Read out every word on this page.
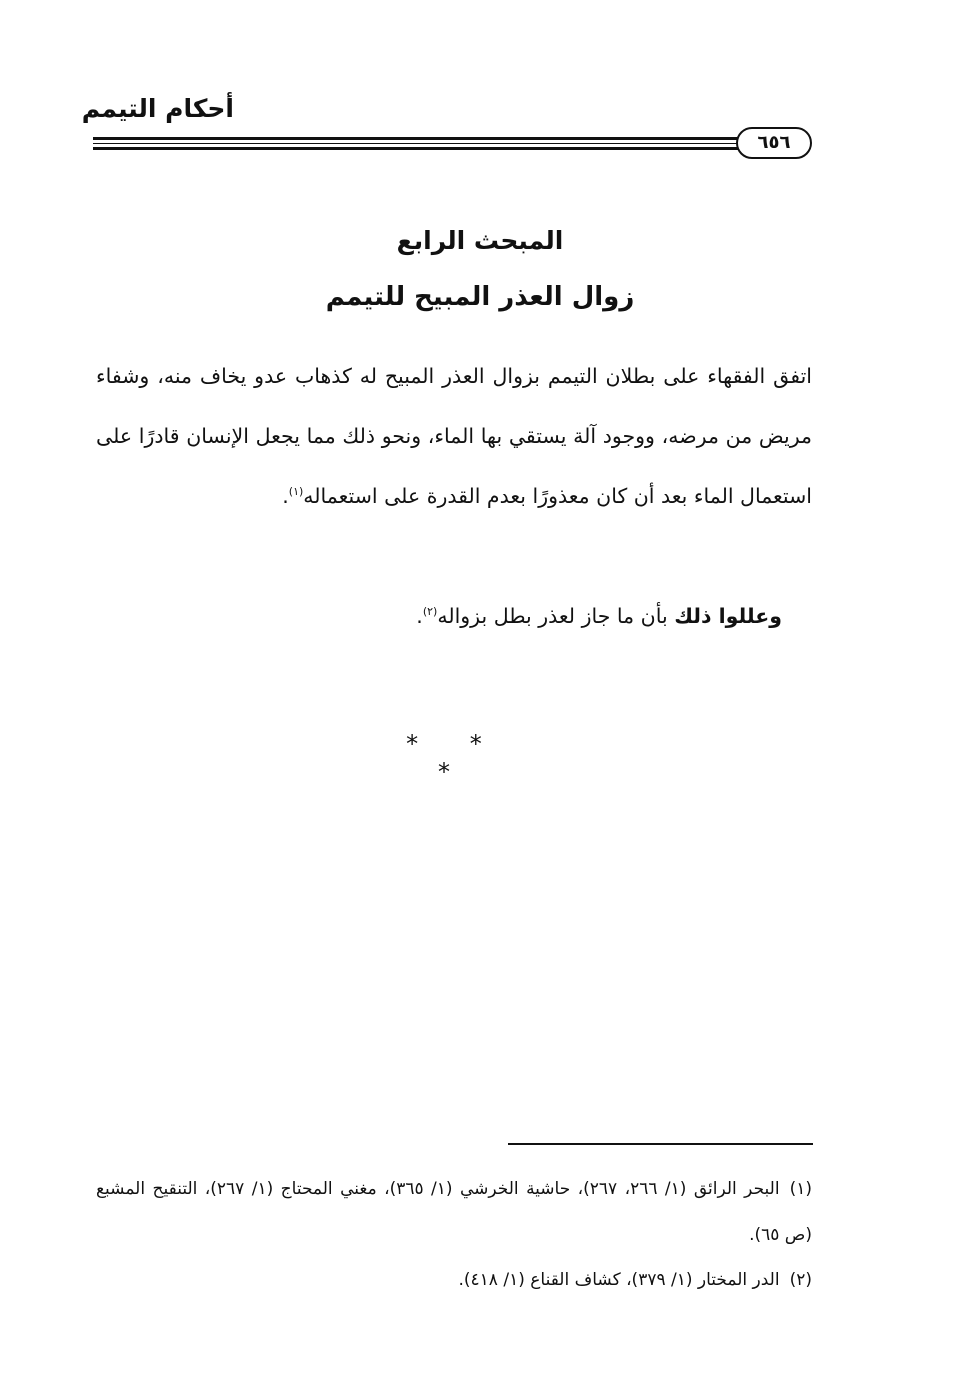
أحكام التيمم
٦٥٦
المبحث الرابع
زوال العذر المبيح للتيمم
اتفق الفقهاء على بطلان التيمم بزوال العذر المبيح له كذهاب عدو يخاف منه، وشفاء مريض من مرضه، ووجود آلة يستقي بها الماء، ونحو ذلك مما يجعل الإنسان قادرًا على استعمال الماء بعد أن كان معذورًا بعدم القدرة على استعماله$^{(١)}$.
وعللوا ذلك بأن ما جاز لعذر بطل بزواله$^{(٢)}$.
* * *
(١)البحر الرائق (١/ ٢٦٦، ٢٦٧)، حاشية الخرشي (١/ ٣٦٥)، مغني المحتاج (١/ ٢٦٧)، التنقيح المشبع (ص ٦٥).
(٢)الدر المختار (١/ ٣٧٩)، كشاف القناع (١/ ٤١٨).
